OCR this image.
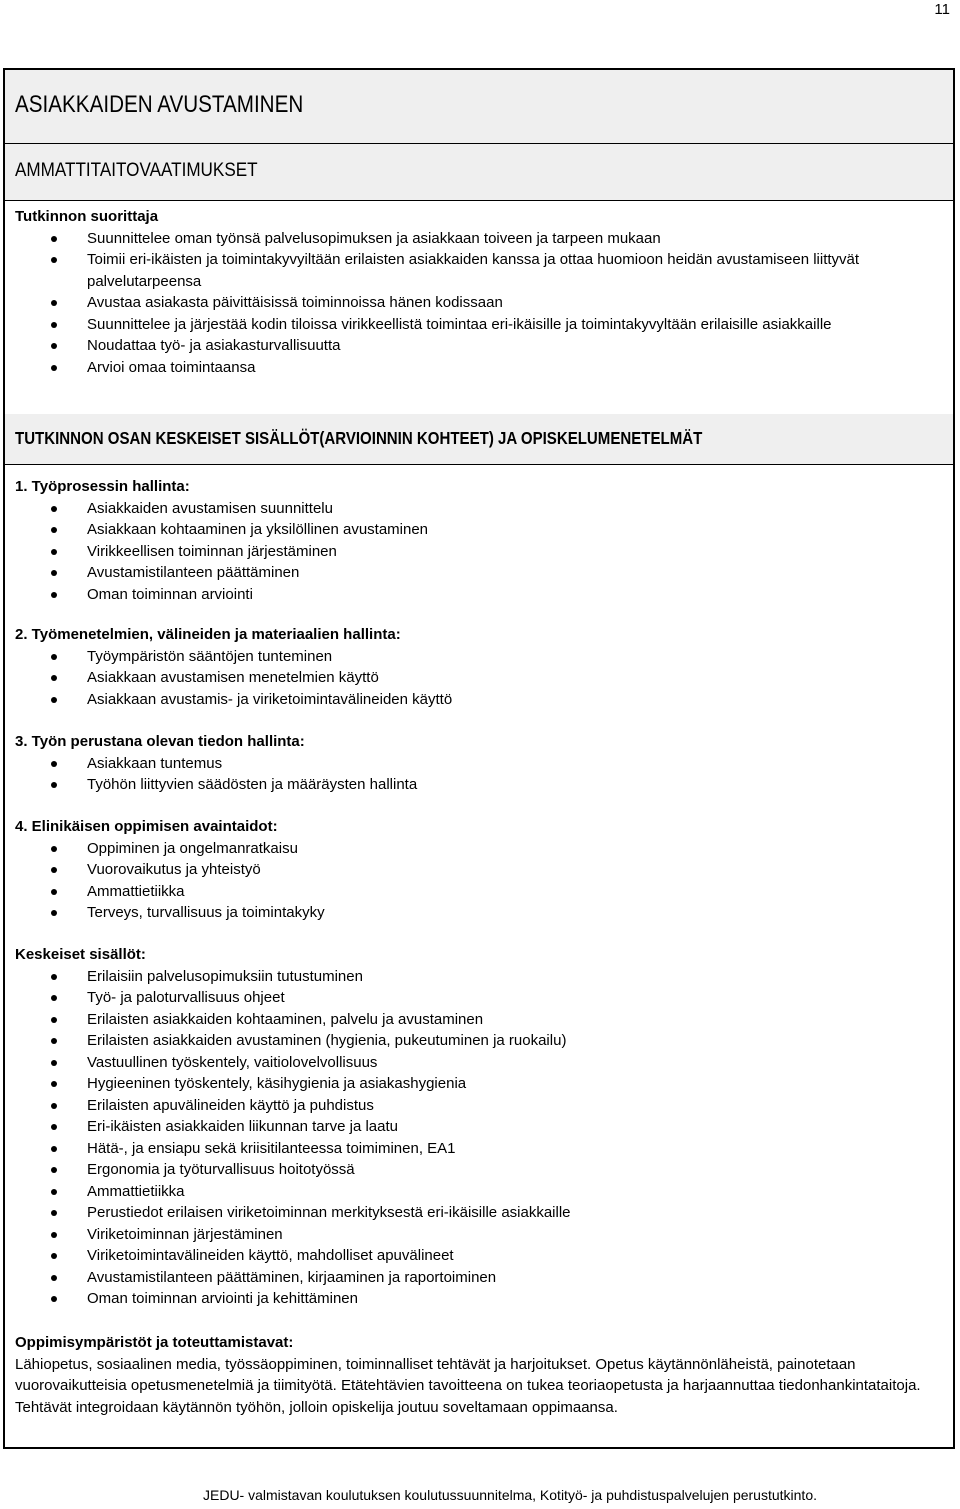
11
ASIAKKAIDEN AVUSTAMINEN
AMMATTITAITOVAATIMUKSET

Tutkinnon suorittaja

Suunnittelee oman työnsä palvelusopimuksen ja asiakkaan toiveen ja tarpeen mukaan
Toimii eri-ikäisten ja toimintakyvyiltään erilaisten asiakkaiden kanssa ja ottaa huomioon heidän avustamiseen liittyvät palvelutarpeensa
Avustaa asiakasta päivittäisissä toiminnoissa hänen kodissaan
Suunnittelee ja järjestää kodin tiloissa virikkeellistä toimintaa eri-ikäisille ja toimintakyvyltään erilaisille asiakkaille
Noudattaa työ- ja asiakasturvallisuutta
Arvioi omaa toimintaansa
TUTKINNON OSAN KESKEISET SISÄLLÖT(ARVIOINNIN KOHTEET) JA OPISKELUMENETELMÄT

1. Työprosessin hallinta:

Asiakkaiden avustamisen suunnittelu
Asiakkaan kohtaaminen ja yksilöllinen avustaminen
Virikkeellisen toiminnan järjestäminen
Avustamistilanteen päättäminen
Oman toiminnan arviointi

2. Työmenetelmien, välineiden ja materiaalien hallinta:

Työympäristön sääntöjen tunteminen
Asiakkaan avustamisen menetelmien käyttö
Asiakkaan avustamis- ja viriketoimintavälineiden käyttö

3. Työn perustana olevan tiedon hallinta:

Asiakkaan tuntemus
Työhön liittyvien säädösten ja määräysten hallinta

4. Elinikäisen oppimisen avaintaidot:

Oppiminen ja ongelmanratkaisu
Vuorovaikutus ja yhteistyö
Ammattietiikka
Terveys, turvallisuus ja toimintakyky

Keskeiset sisällöt:

Erilaisiin palvelusopimuksiin tutustuminen
Työ- ja paloturvallisuus ohjeet
Erilaisten asiakkaiden kohtaaminen, palvelu ja avustaminen
Erilaisten asiakkaiden avustaminen (hygienia, pukeutuminen ja ruokailu)
Vastuullinen työskentely, vaitiolovelvollisuus
Hygieeninen työskentely, käsihygienia ja asiakashygienia
Erilaisten apuvälineiden käyttö ja puhdistus
Eri-ikäisten asiakkaiden liikunnan tarve ja laatu
Hätä-, ja ensiapu sekä kriisitilanteessa toimiminen, EA1
Ergonomia ja työturvallisuus hoitotyössä
Ammattietiikka
Perustiedot erilaisen viriketoiminnan merkityksestä eri-ikäisille asiakkaille
Viriketoiminnan järjestäminen
Viriketoimintavälineiden käyttö, mahdolliset apuvälineet
Avustamistilanteen päättäminen, kirjaaminen ja raportoiminen
Oman toiminnan arviointi ja kehittäminen

Oppimisympäristöt ja toteuttamistavat:

Lähiopetus, sosiaalinen media, työssäoppiminen, toiminnalliset tehtävät ja harjoitukset. Opetus käytännönläheistä, painotetaan vuorovaikutteisia opetusmenetelmiä ja tiimityötä. Etätehtävien tavoitteena on tukea teoriaopetusta ja harjaannuttaa tiedonhankintataitoja. Tehtävät integroidaan käytännön työhön, jolloin opiskelija joutuu soveltamaan oppimaansa.

JEDU- valmistavan koulutuksen koulutussuunnitelma, Kotityö- ja puhdistuspalvelujen perustutkinto.
